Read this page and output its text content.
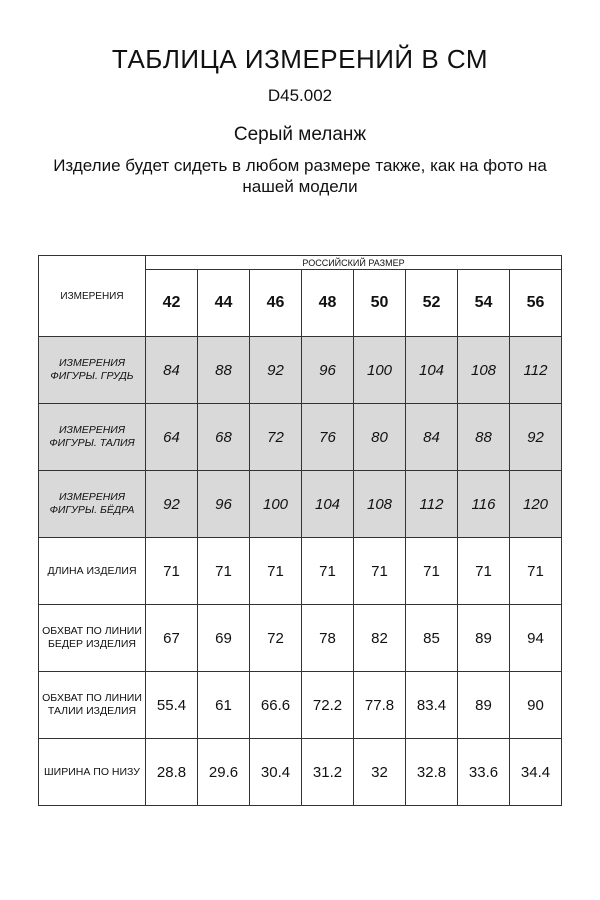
ТАБЛИЦА ИЗМЕРЕНИЙ В СМ
D45.002
Серый меланж
Изделие будет сидеть в любом размере также, как на фото на нашей модели
ИЗМЕРЕНИЯ	РОССИЙСКИЙ РАЗМЕР							
	42	44	46	48	50	52	54	56
ИЗМЕРЕНИЯ ФИГУРЫ. ГРУДЬ	84	88	92	96	100	104	108	112
ИЗМЕРЕНИЯ ФИГУРЫ. ТАЛИЯ	64	68	72	76	80	84	88	92
ИЗМЕРЕНИЯ ФИГУРЫ. БЁДРА	92	96	100	104	108	112	116	120
ДЛИНА ИЗДЕЛИЯ	71	71	71	71	71	71	71	71
ОБХВАТ ПО ЛИНИИ БЕДЕР ИЗДЕЛИЯ	67	69	72	78	82	85	89	94
ОБХВАТ ПО ЛИНИИ ТАЛИИ ИЗДЕЛИЯ	55.4	61	66.6	72.2	77.8	83.4	89	90
ШИРИНА ПО НИЗУ	28.8	29.6	30.4	31.2	32	32.8	33.6	34.4
